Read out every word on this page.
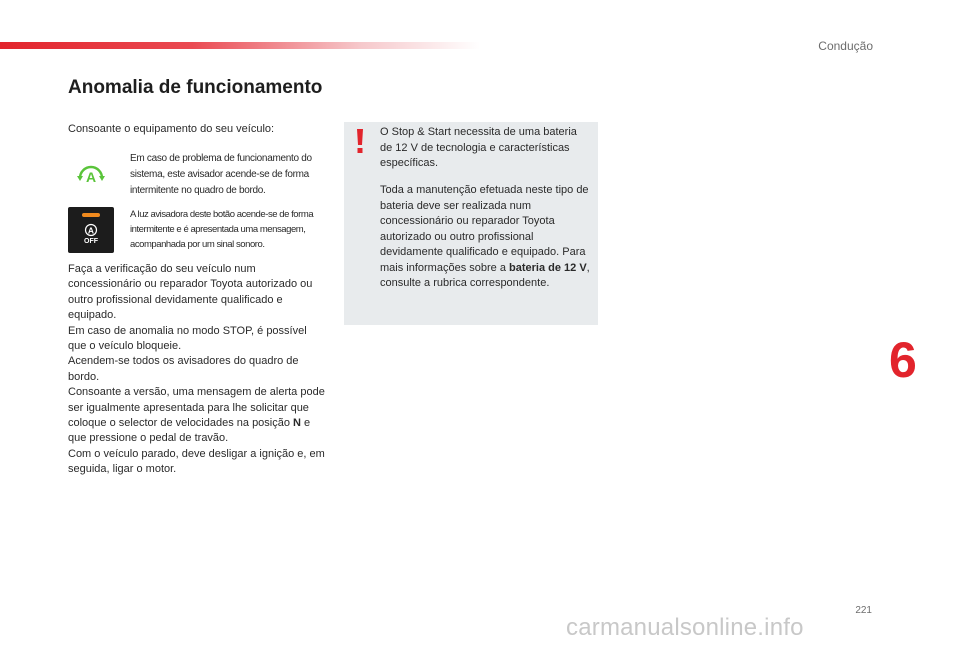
Condução
Anomalia de funcionamento
Consoante o equipamento do seu veículo:
A
Em caso de problema de funcionamento do sistema, este avisador acende-se de forma intermitente no quadro de bordo.
A
OFF
A luz avisadora deste botão acende-se de forma intermitente e é apresentada uma mensagem, acompanhada por um sinal sonoro.
Faça a verificação do seu veículo num concessionário ou reparador Toyota autorizado ou outro profissional devidamente qualificado e equipado.
Em caso de anomalia no modo STOP, é possível que o veículo bloqueie.
Acendem-se todos os avisadores do quadro de bordo.
Consoante a versão, uma mensagem de alerta pode ser igualmente apresentada para lhe solicitar que coloque o selector de velocidades na posição N e que pressione o pedal de travão.
Com o veículo parado, deve desligar a ignição e, em seguida, ligar o motor.
O Stop & Start necessita de uma bateria de 12 V de tecnologia e características específicas.
Toda a manutenção efetuada neste tipo de bateria deve ser realizada num concessionário ou reparador Toyota autorizado ou outro profissional devidamente qualificado e equipado. Para mais informações sobre a bateria de 12 V, consulte a rubrica correspondente.
6
221
carmanualsonline.info
